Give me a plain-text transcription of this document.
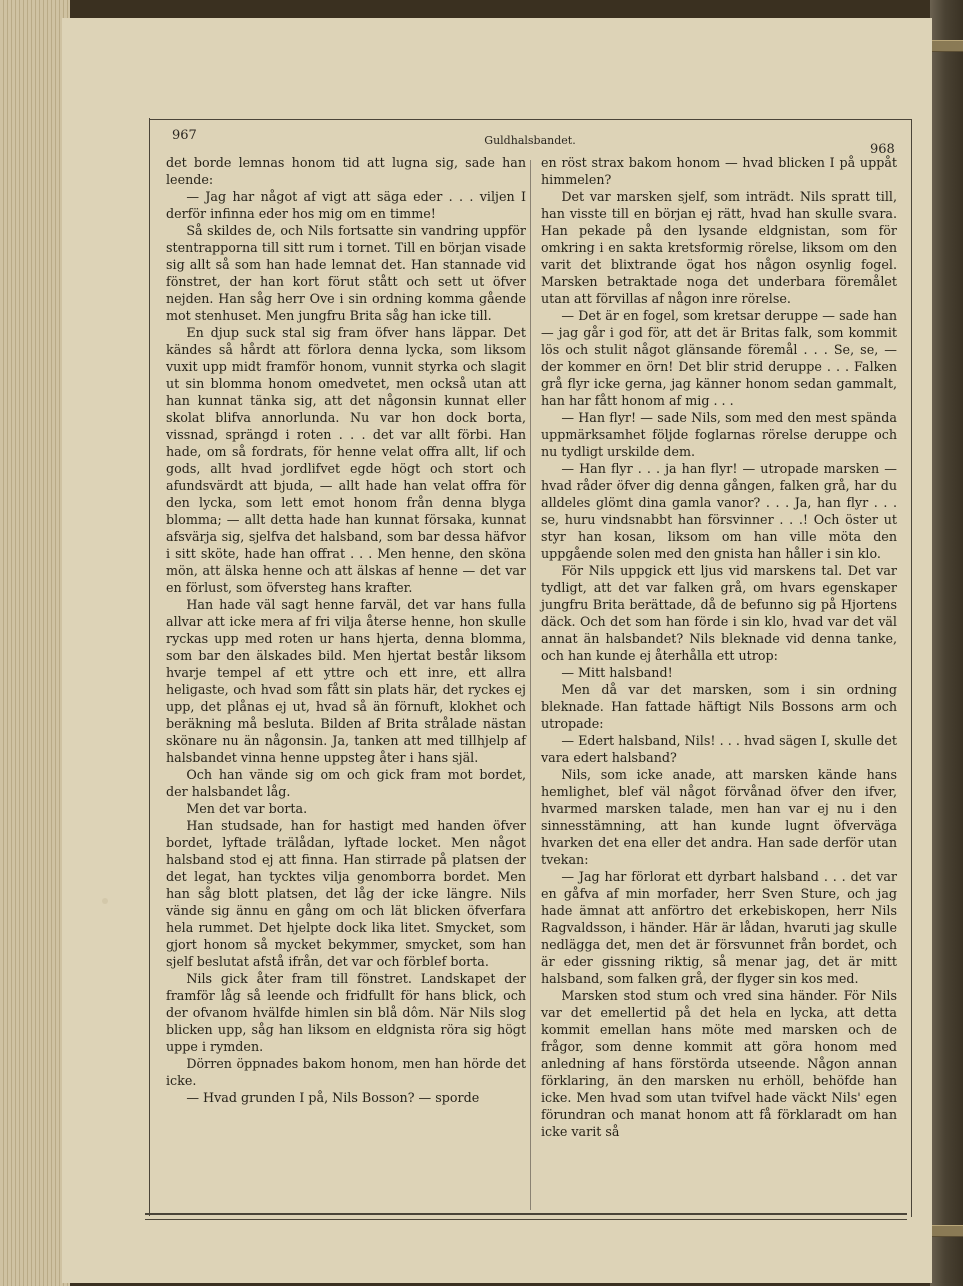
967	Guldhalsbandet.

968

det borde lemnas honom tid att lugna sig, sade han leende:

— Jag har något af vigt att säga eder . . . viljen I derför infinna eder hos mig om en timme!

Så skildes de, och Nils fortsatte sin vandring uppför stentrapporna till sitt rum i tornet. Till en början visade sig allt så som han hade lemnat det. Han stannade vid fönstret, der han kort förut stått och sett ut öfver nejden. Han såg herr Ove i sin ordning komma gående mot stenhuset. Men jungfru Brita såg han icke till.

En djup suck stal sig fram öfver hans läppar. Det kändes så hårdt att förlora denna lycka, som liksom vuxit upp midt framför honom, vunnit styrka och slagit ut sin blomma honom omedvetet, men också utan att han kunnat tänka sig, att det någonsin kunnat eller skolat blifva annorlunda. Nu var hon dock borta, vissnad, sprängd i roten . . . det var allt förbi. Han hade, om så fordrats, för henne velat offra allt, lif och gods, allt hvad jordlifvet egde högt och stort och afundsvärdt att bjuda, — allt hade han velat offra för den lycka, som lett emot honom från denna blyga blomma; — allt detta hade han kunnat försaka, kunnat afsvärja sig, sjelfva det halsband, som bar dessa häfvor i sitt sköte, hade han offrat . . . Men henne, den sköna mön, att älska henne och att älskas af henne — det var en förlust, som öfversteg hans krafter.

Han hade väl sagt henne farväl, det var hans fulla allvar att icke mera af fri vilja återse henne, hon skulle ryckas upp med roten ur hans hjerta, denna blomma, som bar den älskades bild. Men hjertat består liksom hvarje tempel af ett yttre och ett inre, ett allra heligaste, och hvad som fått sin plats här, det ryckes ej upp, det plånas ej ut, hvad så än förnuft, klokhet och beräkning må besluta. Bilden af Brita strålade nästan skönare nu än någonsin. Ja, tanken att med tillhjelp af halsbandet vinna henne uppsteg åter i hans själ.

Och han vände sig om och gick fram mot bordet, der halsbandet låg.

Men det var borta.

Han studsade, han for hastigt med handen öfver bordet, lyftade trälådan, lyftade locket. Men något halsband stod ej att finna. Han stirrade på platsen der det legat, han tycktes vilja genomborra bordet. Men han såg blott platsen, det låg der icke längre. Nils vände sig ännu en gång om och lät blicken öfverfara hela rummet. Det hjelpte dock lika litet. Smycket, som gjort honom så mycket bekymmer, smycket, som han sjelf beslutat afstå ifrån, det var och förblef borta.

Nils gick åter fram till fönstret. Landskapet der framför låg så leende och fridfullt för hans blick, och der ofvanom hvälfde himlen sin blå dôm. När Nils slog blicken upp, såg han liksom en eldgnista röra sig högt uppe i rymden.

Dörren öppnades bakom honom, men han hörde det icke.

— Hvad grunden I på, Nils Bosson? — sporde

en röst strax bakom honom — hvad blicken I på uppåt himmelen?

Det var marsken sjelf, som inträdt. Nils spratt till, han visste till en början ej rätt, hvad han skulle svara. Han pekade på den lysande eldgnistan, som för omkring i en sakta kretsformig rörelse, liksom om den varit det blixtrande ögat hos någon osynlig fogel. Marsken betraktade noga det underbara föremålet utan att förvillas af någon inre rörelse.

— Det är en fogel, som kretsar deruppe — sade han — jag går i god för, att det är Britas falk, som kommit lös och stulit något glänsande föremål . . . Se, se, — der kommer en örn! Det blir strid deruppe . . . Falken grå flyr icke gerna, jag känner honom sedan gammalt, han har fått honom af mig . . .

— Han flyr! — sade Nils, som med den mest spända uppmärksamhet följde foglarnas rörelse deruppe och nu tydligt urskilde dem.

— Han flyr . . . ja han flyr! — utropade marsken — hvad råder öfver dig denna gången, falken grå, har du alldeles glömt dina gamla vanor? . . . Ja, han flyr . . . se, huru vindsnabbt han försvinner . . .! Och öster ut styr han kosan, liksom om han ville möta den uppgående solen med den gnista han håller i sin klo.

För Nils uppgick ett ljus vid marskens tal. Det var tydligt, att det var falken grå, om hvars egenskaper jungfru Brita berättade, då de befunno sig på Hjortens däck. Och det som han förde i sin klo, hvad var det väl annat än halsbandet? Nils bleknade vid denna tanke, och han kunde ej återhålla ett utrop:

— Mitt halsband!

Men då var det marsken, som i sin ordning bleknade. Han fattade häftigt Nils Bossons arm och utropade:

— Edert halsband, Nils! . . . hvad sägen I, skulle det vara edert halsband?

Nils, som icke anade, att marsken kände hans hemlighet, blef väl något förvånad öfver den ifver, hvarmed marsken talade, men han var ej nu i den sinnesstämning, att han kunde lugnt öfverväga hvarken det ena eller det andra. Han sade derför utan tvekan:

— Jag har förlorat ett dyrbart halsband . . . det var en gåfva af min morfader, herr Sven Sture, och jag hade ämnat att anförtro det erkebiskopen, herr Nils Ragvaldsson, i händer. Här är lådan, hvaruti jag skulle nedlägga det, men det är försvunnet från bordet, och är eder gissning riktig, så menar jag, det är mitt halsband, som falken grå, der flyger sin kos med.

Marsken stod stum och vred sina händer. För Nils var det emellertid på det hela en lycka, att detta kommit emellan hans möte med marsken och de frågor, som denne kommit att göra honom med anledning af hans förstörda utseende. Någon annan förklaring, än den marsken nu erhöll, behöfde han icke. Men hvad som utan tvifvel hade väckt Nils' egen förundran och manat honom att få förklaradt om han icke varit så
